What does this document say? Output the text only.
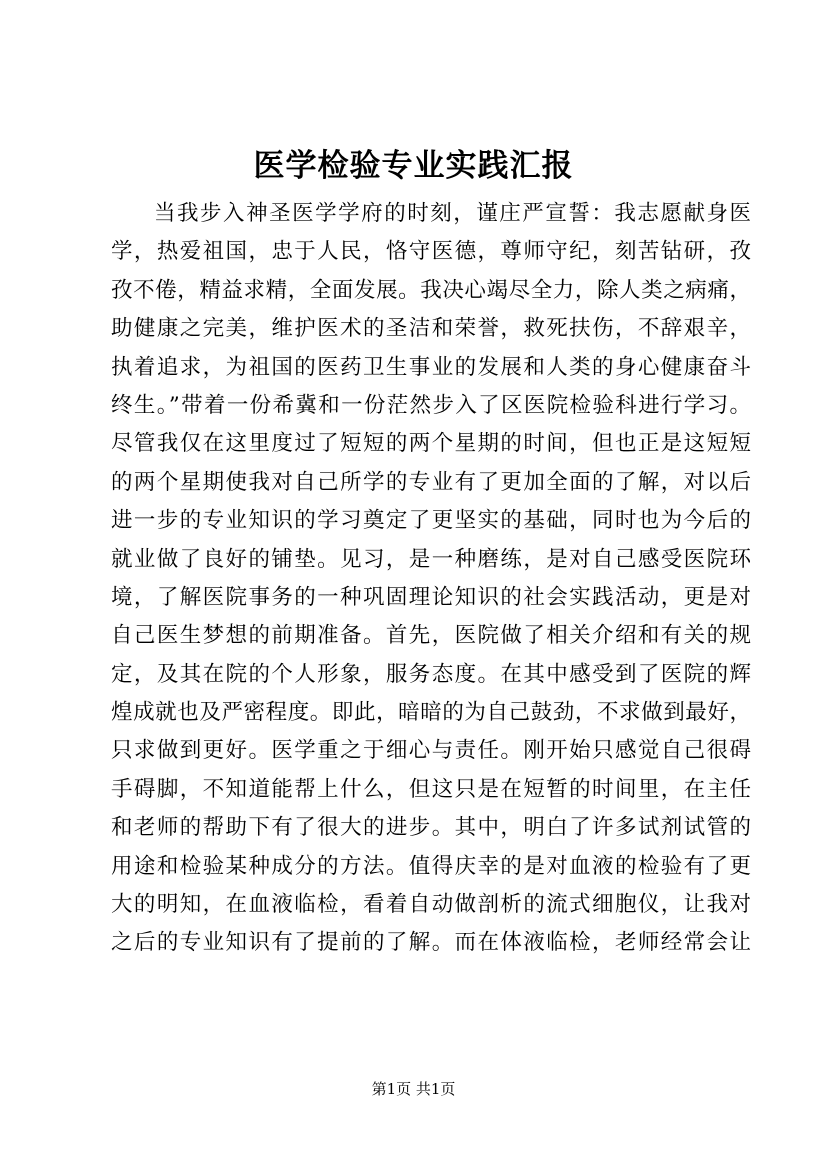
医学检验专业实践汇报
当我步入神圣医学学府的时刻，谨庄严宣誓：我志愿献身医
学，热爱祖国，忠于人民，恪守医德，尊师守纪，刻苦钻研，孜
孜不倦，精益求精，全面发展。我决心竭尽全力，除人类之病痛，
助健康之完美，维护医术的圣洁和荣誉，救死扶伤，不辞艰辛，
执着追求，为祖国的医药卫生事业的发展和人类的身心健康奋斗
终生。”带着一份希冀和一份茫然步入了区医院检验科进行学习。
尽管我仅在这里度过了短短的两个星期的时间，但也正是这短短
的两个星期使我对自己所学的专业有了更加全面的了解，对以后
进一步的专业知识的学习奠定了更坚实的基础，同时也为今后的
就业做了良好的铺垫。见习，是一种磨练，是对自己感受医院环
境，了解医院事务的一种巩固理论知识的社会实践活动，更是对
自己医生梦想的前期准备。首先，医院做了相关介绍和有关的规
定，及其在院的个人形象，服务态度。在其中感受到了医院的辉
煌成就也及严密程度。即此，暗暗的为自己鼓劲，不求做到最好，
只求做到更好。医学重之于细心与责任。刚开始只感觉自己很碍
手碍脚，不知道能帮上什么，但这只是在短暂的时间里，在主任
和老师的帮助下有了很大的进步。其中，明白了许多试剂试管的
用途和检验某种成分的方法。值得庆幸的是对血液的检验有了更
大的明知，在血液临检，看着自动做剖析的流式细胞仪，让我对
之后的专业知识有了提前的了解。而在体液临检，老师经常会让
第1页 共1页
